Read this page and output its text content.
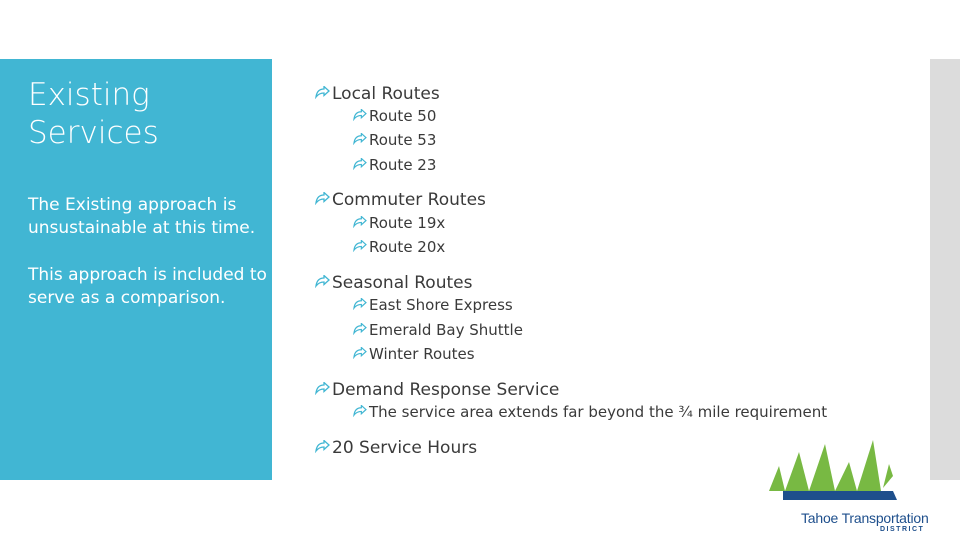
Existing Services
The Existing approach is unsustainable at this time.
This approach is included to serve as a comparison.
Local Routes
Route 50
Route 53
Route 23
Commuter Routes
Route 19x
Route 20x
Seasonal Routes
East Shore Express
Emerald Bay Shuttle
Winter Routes
Demand Response Service
The service area extends far beyond the ¾ mile requirement
20 Service Hours
Tahoe Transportation
DISTRICT
